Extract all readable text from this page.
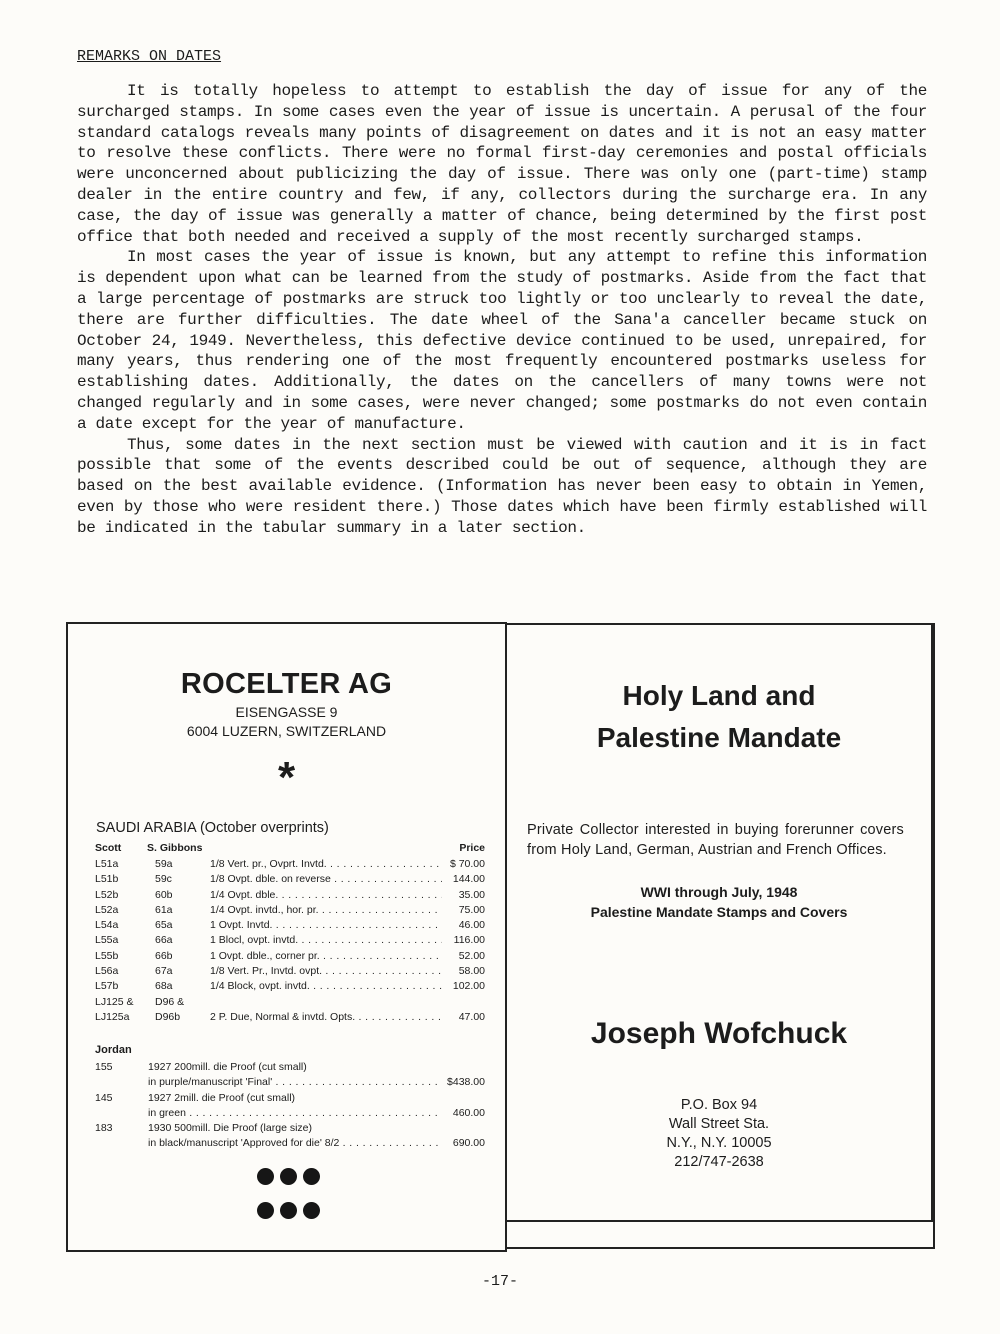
REMARKS ON DATES

It is totally hopeless to attempt to establish the day of issue for any of the surcharged stamps. In some cases even the year of issue is uncertain. A perusal of the four standard catalogs reveals many points of disagreement on dates and it is not an easy matter to resolve these conflicts. There were no formal first-day ceremonies and postal officials were unconcerned about publicizing the day of issue. There was only one (part-time) stamp dealer in the entire country and few, if any, collectors during the surcharge era. In any case, the day of issue was generally a matter of chance, being determined by the first post office that both needed and received a supply of the most recently surcharged stamps.

In most cases the year of issue is known, but any attempt to refine this information is dependent upon what can be learned from the study of postmarks. Aside from the fact that a large percentage of postmarks are struck too lightly or too unclearly to reveal the date, there are further difficulties. The date wheel of the Sana'a canceller became stuck on October 24, 1949. Nevertheless, this defective device continued to be used, unrepaired, for many years, thus rendering one of the most frequently encountered postmarks useless for establishing dates. Additionally, the dates on the cancellers of many towns were not changed regularly and in some cases, were never changed; some postmarks do not even contain a date except for the year of manufacture.

Thus, some dates in the next section must be viewed with caution and it is in fact possible that some of the events described could be out of sequence, although they are based on the best available evidence. (Information has never been easy to obtain in Yemen, even by those who were resident there.) Those dates which have been firmly established will be indicated in the tabular summary in a later section.

ROCELTER AG
EISENGASSE 9
6004 LUZERN, SWITZERLAND
*
SAUDI ARABIA (October overprints)
Scott S. Gibbons	Price
L51a	59a	1/8 Vert. pr., Ovprt. Invtd. . . .	$ 70.00
L51b	59c	1/8 Ovpt. dble. on reverse . . .	144.00
L52b	60b	1/4 Ovpt. dble. . . .	35.00
L52a	61a	1/4 Ovpt. invtd., hor. pr. . . .	75.00
L54a	65a	1 Ovpt. Invtd. . . .	46.00
L55a	66a	1 Blocl, ovpt. invtd. . . .	116.00
L55b	66b	1 Ovpt. dble., corner pr. . . .	52.00
L56a	67a	1/8 Vert. Pr., Invtd. ovpt. . . .	58.00
L57b	68a	1/4 Block, ovpt. invtd. . . .	102.00
LJ125 & D96 &
LJ125a D96b	2 P. Due, Normal & invtd. Opts. . . .	47.00
Jordan
155	1927 200mill. die Proof (cut small)
in purple/manuscript 'Final' . . .	$438.00
145	1927 2mill. die Proof (cut small)
in green . . .	460.00
183	1930 500mill. Die Proof (large size)
in black/manuscript 'Approved for die' 8/2 . . .	690.00

Holy Land and
Palestine Mandate
Private Collector interested in buying forerunner covers from Holy Land, German, Austrian and French Offices.
WWI through July, 1948
Palestine Mandate Stamps and Covers
Joseph Wofchuck
P.O. Box 94
Wall Street Sta.
N.Y., N.Y. 10005
212/747-2638
-17-
